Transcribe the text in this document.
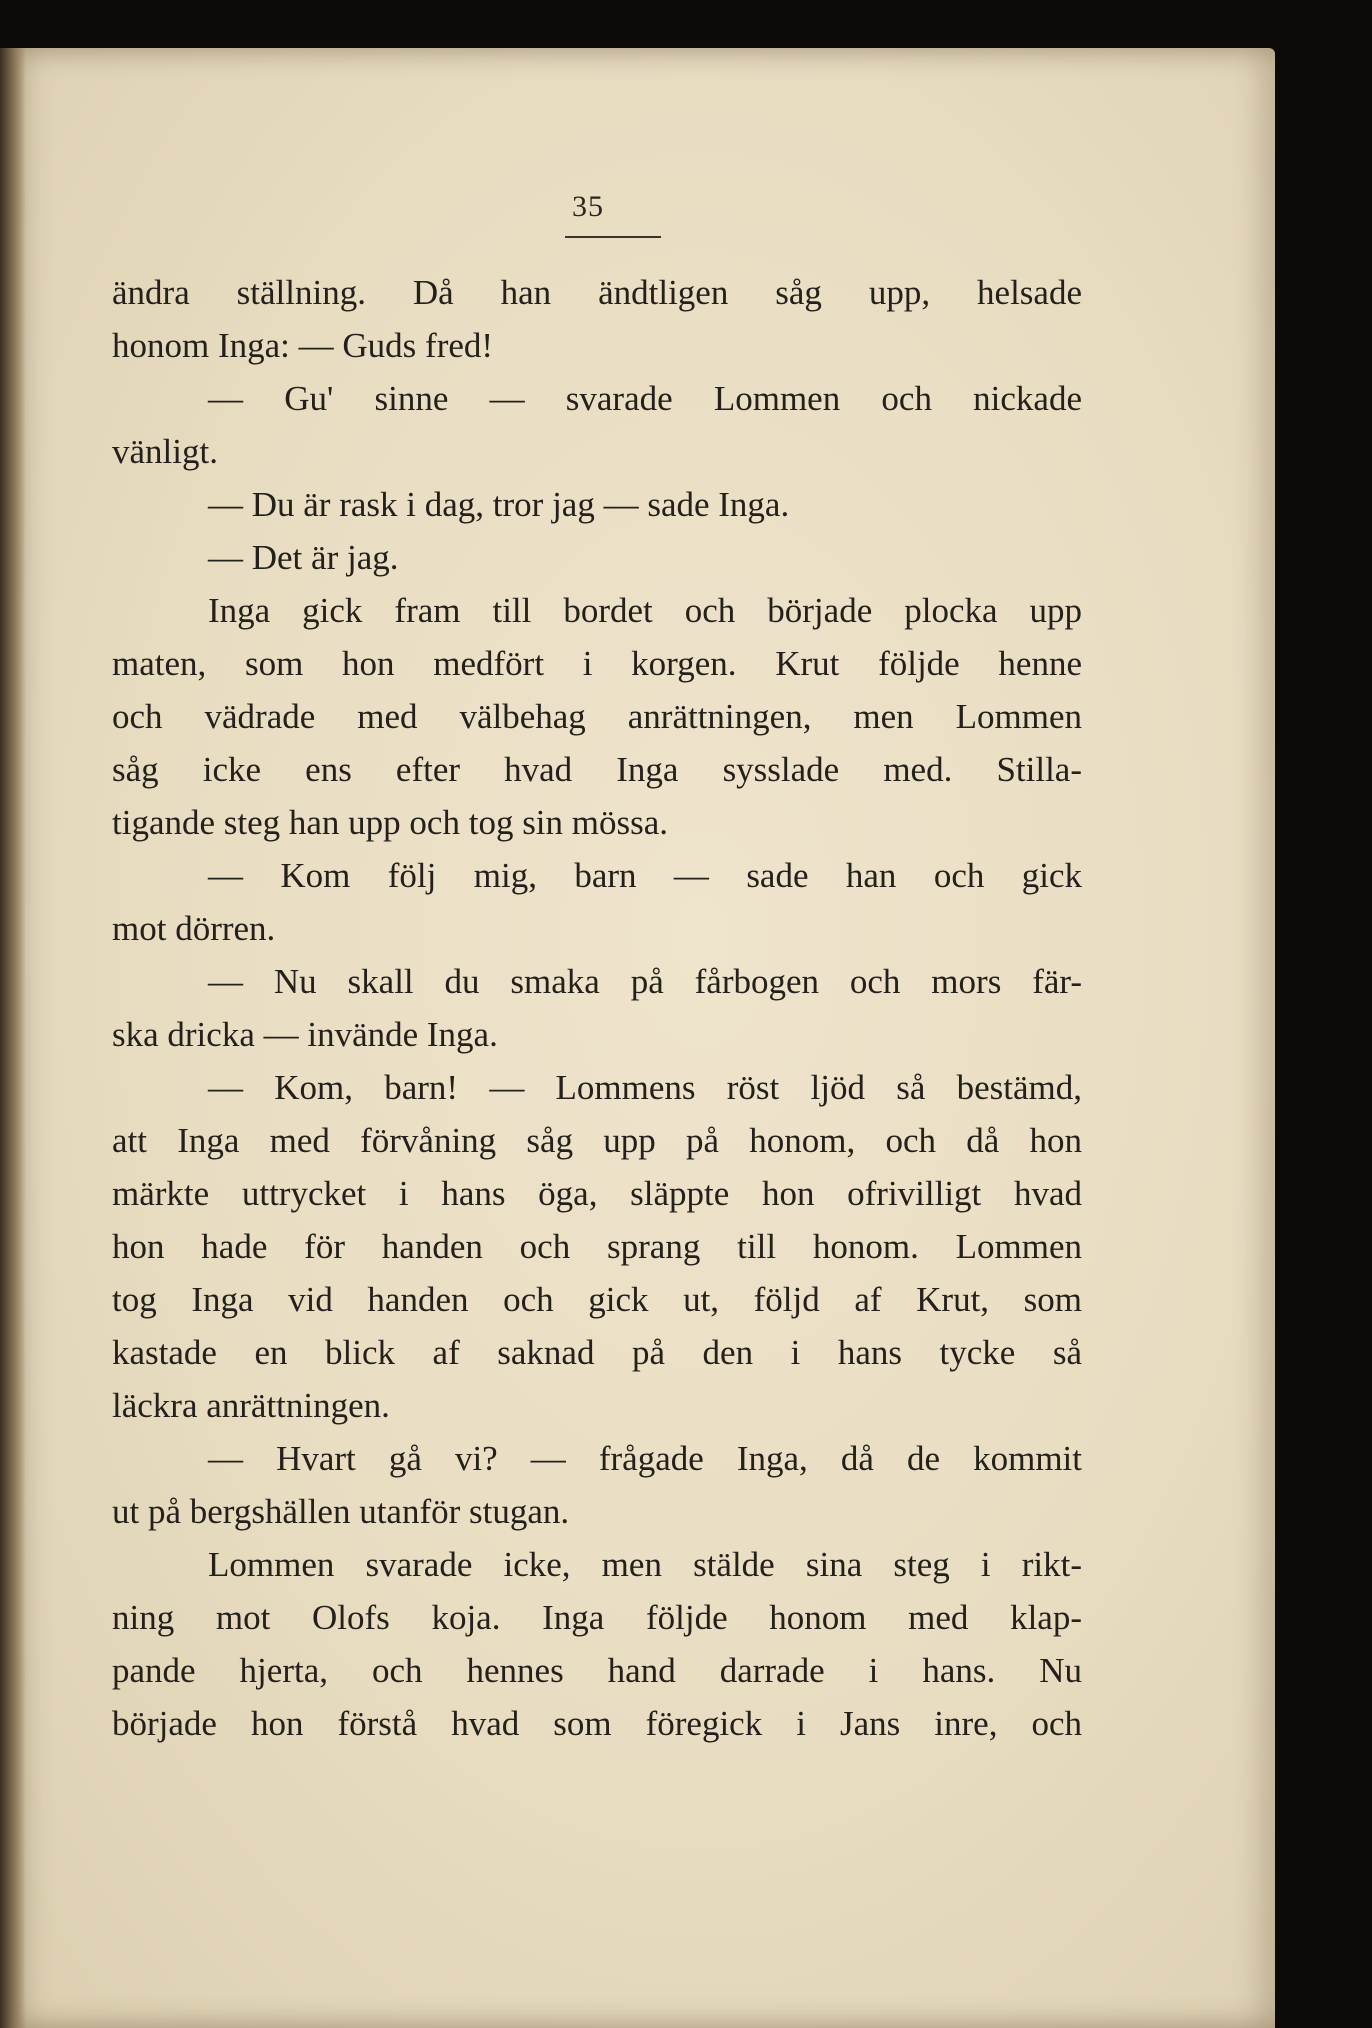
35
ändra ställning. Då han ändtligen såg upp, helsade
honom Inga: — Guds fred!
— Gu' sinne — svarade Lommen och nickade
vänligt.
— Du är rask i dag, tror jag — sade Inga.
— Det är jag.
Inga gick fram till bordet och började plocka upp
maten, som hon medfört i korgen. Krut följde henne
och vädrade med välbehag anrättningen, men Lommen
såg icke ens efter hvad Inga sysslade med. Stilla-
tigande steg han upp och tog sin mössa.
— Kom följ mig, barn — sade han och gick
mot dörren.
— Nu skall du smaka på fårbogen och mors fär-
ska dricka — invände Inga.
— Kom, barn! — Lommens röst ljöd så bestämd,
att Inga med förvåning såg upp på honom, och då hon
märkte uttrycket i hans öga, släppte hon ofrivilligt hvad
hon hade för handen och sprang till honom. Lommen
tog Inga vid handen och gick ut, följd af Krut, som
kastade en blick af saknad på den i hans tycke så
läckra anrättningen.
— Hvart gå vi? — frågade Inga, då de kommit
ut på bergshällen utanför stugan.
Lommen svarade icke, men stälde sina steg i rikt-
ning mot Olofs koja. Inga följde honom med klap-
pande hjerta, och hennes hand darrade i hans. Nu
började hon förstå hvad som föregick i Jans inre, och
